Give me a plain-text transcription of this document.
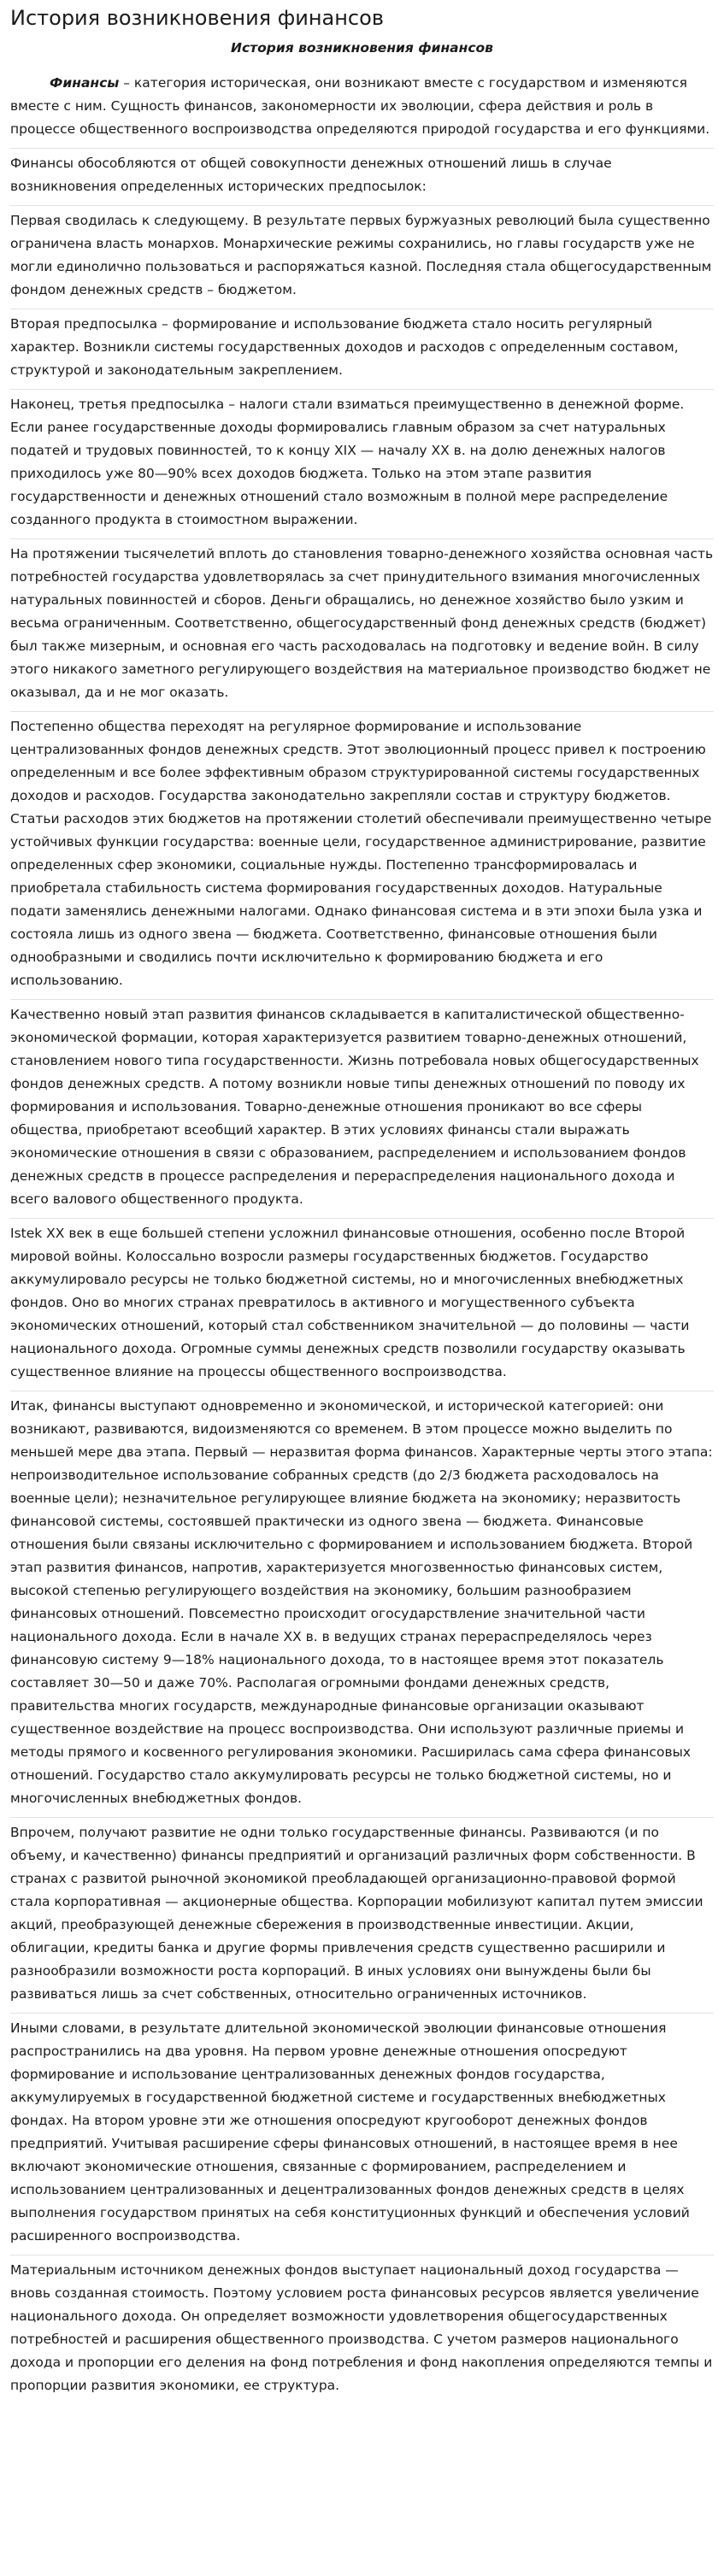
История возникновения финансов
История возникновения финансов

Финансы – категория историческая, они возникают вместе с государством и изменяются вместе с ним. Сущность финансов, закономерности их эволюции, сфера действия и роль в процессе общественного воспроизводства определяются природой государства и его функциями.

Финансы обособляются от общей совокупности денежных отношений лишь в случае возникновения определенных исторических предпосылок:

Первая сводилась к следующему. В результате первых буржуазных революций была существенно ограничена власть монархов. Монархические режимы сохранились, но главы государств уже не могли единолично пользоваться и распоряжаться казной. Последняя стала общегосударственным фондом денежных средств – бюджетом.

Вторая предпосылка – формирование и использование бюджета стало носить регулярный характер. Возникли системы государственных доходов и расходов с определенным составом, структурой и законодательным закреплением.

Наконец, третья предпосылка – налоги стали взиматься преимущественно в денежной форме. Если ранее государственные доходы формировались главным образом за счет натуральных податей и трудовых повинностей, то к концу XIX — началу XX в. на долю денежных налогов приходилось уже 80—90% всех доходов бюджета. Только на этом этапе развития государственности и денежных отношений стало возможным в полной мере распределение созданного продукта в стоимостном выражении.

На протяжении тысячелетий вплоть до становления товарно-денежного хозяйства основная часть потребностей государства удовлетворялась за счет принудительного взимания многочисленных натуральных повинностей и сборов. Деньги обращались, но денежное хозяйство было узким и весьма ограниченным. Соответственно, общегосударственный фонд денежных средств (бюджет) был также мизерным, и основная его часть расходовалась на подготовку и ведение войн. В силу этого никакого заметного регулирующего воздействия на материальное производство бюджет не оказывал, да и не мог оказать.

Постепенно общества переходят на регулярное формирование и использование централизованных фондов денежных средств. Этот эволюционный процесс привел к построению определенным и все более эффективным образом структурированной системы государственных доходов и расходов. Государства законодательно закрепляли состав и структуру бюджетов. Статьи расходов этих бюджетов на протяжении столетий обеспечивали преимущественно четыре устойчивых функции государства: военные цели, государственное администрирование, развитие определенных сфер экономики, социальные нужды. Постепенно трансформировалась и приобретала стабильность система формирования государственных доходов. Натуральные подати заменялись денежными налогами. Однако финансовая система и в эти эпохи была узка и состояла лишь из одного звена — бюджета. Соответственно, финансовые отношения были однообразными и сводились почти исключительно к формированию бюджета и его использованию.

Качественно новый этап развития финансов складывается в капиталистической общественно-экономической формации, которая характеризуется развитием товарно-денежных отношений, становлением нового типа государственности. Жизнь потребовала новых общегосударственных фондов денежных средств. А потому возникли новые типы денежных отношений по поводу их формирования и использования. Товарно-денежные отношения проникают во все сферы общества, приобретают всеобщий характер. В этих условиях финансы стали выражать экономические отношения в связи с образованием, распределением и использованием фондов денежных средств в процессе распределения и перераспределения национального дохода и всего валового общественного продукта.

Istek XX век в еще большей степени усложнил финансовые отношения, особенно после Второй мировой войны. Колоссально возросли размеры государственных бюджетов. Государство аккумулировало ресурсы не только бюджетной системы, но и многочисленных внебюджетных фондов. Оно во многих странах превратилось в активного и могущественного субъекта экономических отношений, который стал собственником значительной — до половины — части национального дохода. Огромные суммы денежных средств позволили государству оказывать существенное влияние на процессы общественного воспроизводства.

Итак, финансы выступают одновременно и экономической, и исторической категорией: они возникают, развиваются, видоизменяются со временем. В этом процессе можно выделить по меньшей мере два этапа. Первый — неразвитая форма финансов. Характерные черты этого этапа: непроизводительное использование собранных средств (до 2/3 бюджета расходовалось на военные цели); незначительное регулирующее влияние бюджета на экономику; неразвитость финансовой системы, состоявшей практически из одного звена — бюджета. Финансовые отношения были связаны исключительно с формированием и использованием бюджета. Второй этап развития финансов, напротив, характеризуется многозвенностью финансовых систем, высокой степенью регулирующего воздействия на экономику, большим разнообразием финансовых отношений. Повсеместно происходит огосударствление значительной части национального дохода. Если в начале XX в. в ведущих странах перераспределялось через финансовую систему 9—18% национального дохода, то в настоящее время этот показатель составляет 30—50 и даже 70%. Располагая огромными фондами денежных средств, правительства многих государств, международные финансовые организации оказывают существенное воздействие на процесс воспроизводства. Они используют различные приемы и методы прямого и косвенного регулирования экономики. Расширилась сама сфера финансовых отношений. Государство стало аккумулировать ресурсы не только бюджетной системы, но и многочисленных внебюджетных фондов.

Впрочем, получают развитие не одни только государственные финансы. Развиваются (и по объему, и качественно) финансы предприятий и организаций различных форм собственности. В странах с развитой рыночной экономикой преобладающей организационно-правовой формой стала корпоративная — акционерные общества. Корпорации мобилизуют капитал путем эмиссии акций, преобразующей денежные сбережения в производственные инвестиции. Акции, облигации, кредиты банка и другие формы привлечения средств существенно расширили и разнообразили возможности роста корпораций. В иных условиях они вынуждены были бы развиваться лишь за счет собственных, относительно ограниченных источников.

Иными словами, в результате длительной экономической эволюции финансовые отношения распространились на два уровня. На первом уровне денежные отношения опосредуют формирование и использование централизованных денежных фондов государства, аккумулируемых в государственной бюджетной системе и государственных внебюджетных фондах. На втором уровне эти же отношения опосредуют кругооборот денежных фондов предприятий. Учитывая расширение сферы финансовых отношений, в настоящее время в нее включают экономические отношения, связанные с формированием, распределением и использованием централизованных и децентрализованных фондов денежных средств в целях выполнения государством принятых на себя конституционных функций и обеспечения условий расширенного воспроизводства.

Материальным источником денежных фондов выступает национальный доход государства — вновь созданная стоимость. Поэтому условием роста финансовых ресурсов является увеличение национального дохода. Он определяет возможности удовлетворения общегосударственных потребностей и расширения общественного производства. С учетом размеров национального дохода и пропорции его деления на фонд потребления и фонд накопления определяются темпы и пропорции развития экономики, ее структура.
